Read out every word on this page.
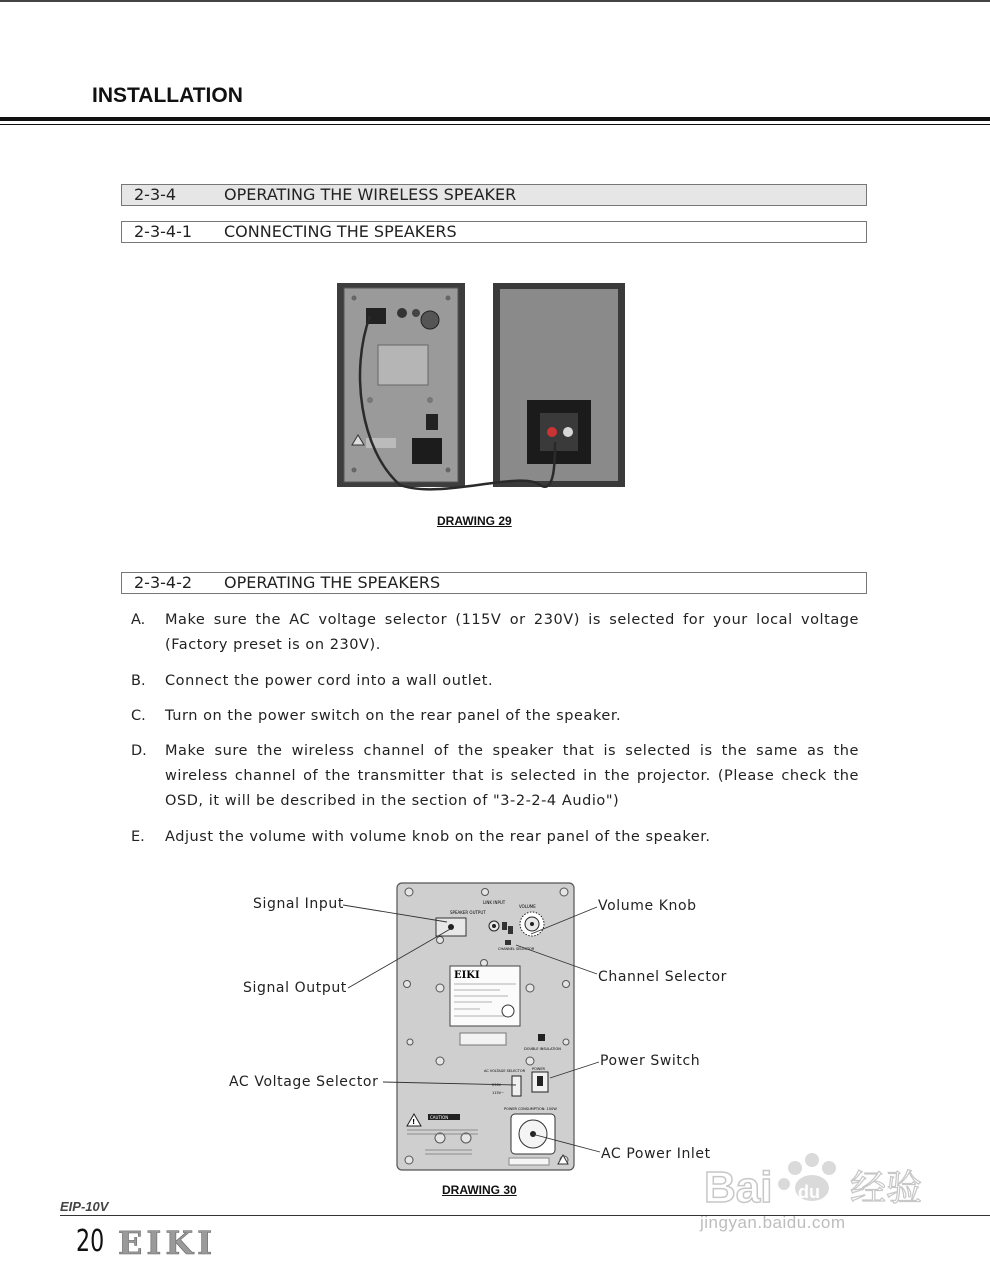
INSTALLATION
2-3-4	OPERATING THE WIRELESS SPEAKER
2-3-4-1 CONNECTING THE SPEAKERS
DRAWING 29
2-3-4-2 OPERATING THE SPEAKERS
A. Make sure the AC voltage selector (115V or 230V) is selected for your local voltage (Factory preset is on 230V).
B. Connect the power cord into a wall outlet.
C. Turn on the power switch on the rear panel of the speaker.
D. Make sure the wireless channel of the speaker that is selected is the same as the wireless channel of the transmitter that is selected in the projector. (Please check the OSD, it will be described in the section of "3-2-2-4 Audio")
E. Adjust the volume with volume knob on the rear panel of the speaker.
SPEAKER OUTPUT
LINK INPUT
VOLUME
CHANNEL SELECTOR
EIKI
DOUBLE INSULATION
AC VOLTAGE SELECTOR
230V~
115V~
POWER
POWER CONSUMPTION: 100W
!
CAUTION
Signal Input
Signal Output
AC Voltage Selector
Volume Knob
Channel Selector
Power Switch
AC Power Inlet
DRAWING 30
EIP-10V
20 EIKI
Bai du 经验
jingyan.baidu.com
